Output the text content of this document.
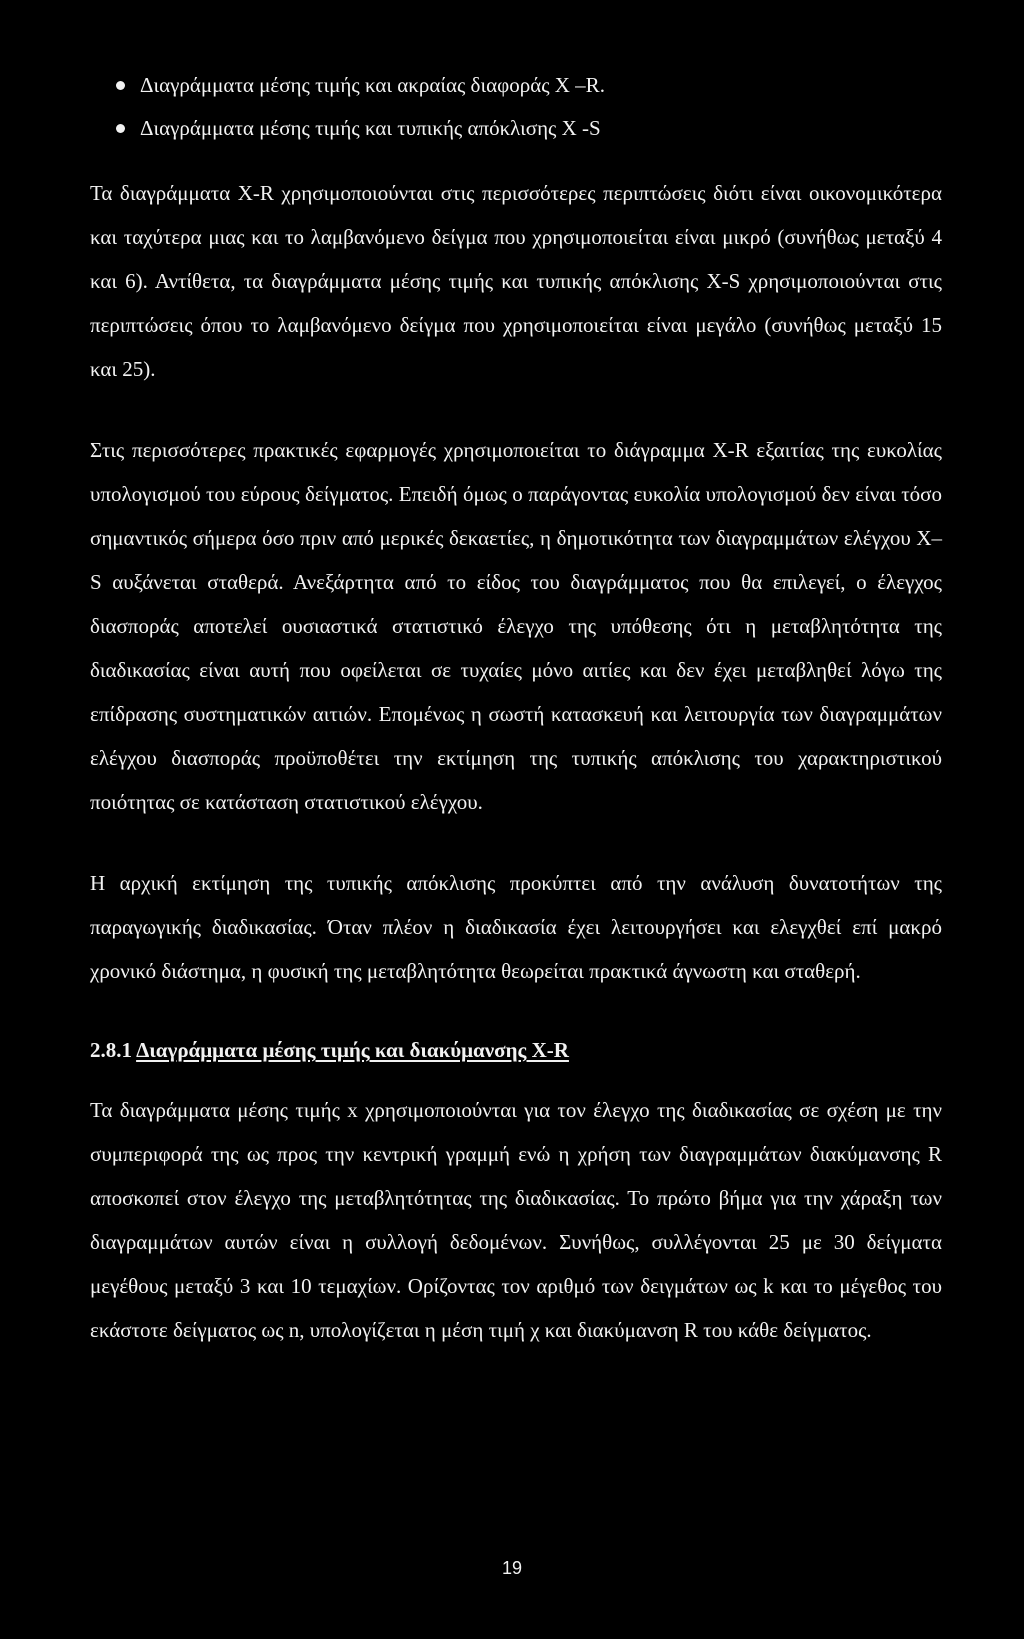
Διαγράμματα μέσης τιμής και ακραίας διαφοράς X –R.
Διαγράμματα μέσης τιμής και τυπικής απόκλισης X -S

Τα διαγράμματα X-R χρησιμοποιούνται στις περισσότερες περιπτώσεις διότι είναι οικονομικότερα και ταχύτερα μιας και το λαμβανόμενο δείγμα που χρησιμοποιείται είναι μικρό (συνήθως μεταξύ 4 και 6). Αντίθετα, τα διαγράμματα μέσης τιμής και τυπικής απόκλισης X-S χρησιμοποιούνται στις περιπτώσεις όπου το λαμβανόμενο δείγμα που χρησιμοποιείται είναι μεγάλο (συνήθως μεταξύ 15 και 25).

Στις περισσότερες πρακτικές εφαρμογές χρησιμοποιείται το διάγραμμα X-R εξαιτίας της ευκολίας υπολογισμού του εύρους δείγματος. Επειδή όμως ο παράγοντας ευκολία υπολογισμού δεν είναι τόσο σημαντικός σήμερα όσο πριν από μερικές δεκαετίες, η δημοτικότητα των διαγραμμάτων ελέγχου X–S αυξάνεται σταθερά. Ανεξάρτητα από το είδος του διαγράμματος που θα επιλεγεί, ο έλεγχος διασποράς αποτελεί ουσιαστικά στατιστικό έλεγχο της υπόθεσης ότι η μεταβλητότητα της διαδικασίας είναι αυτή που οφείλεται σε τυχαίες μόνο αιτίες και δεν έχει μεταβληθεί λόγω της επίδρασης συστηματικών αιτιών. Επομένως η σωστή κατασκευή και λειτουργία των διαγραμμάτων ελέγχου διασποράς προϋποθέτει την εκτίμηση της τυπικής απόκλισης του χαρακτηριστικού ποιότητας σε κατάσταση στατιστικού ελέγχου.

Η αρχική εκτίμηση της τυπικής απόκλισης προκύπτει από την ανάλυση δυνατοτήτων της παραγωγικής διαδικασίας. Όταν πλέον η διαδικασία έχει λειτουργήσει και ελεγχθεί επί μακρό χρονικό διάστημα, η φυσική της μεταβλητότητα θεωρείται πρακτικά άγνωστη και σταθερή.

2.8.1 Διαγράμματα μέσης τιμής και διακύμανσης X-R

Τα διαγράμματα μέσης τιμής x χρησιμοποιούνται για τον έλεγχο της διαδικασίας σε σχέση με την συμπεριφορά της ως προς την κεντρική γραμμή ενώ η χρήση των διαγραμμάτων διακύμανσης R αποσκοπεί στον έλεγχο της μεταβλητότητας της διαδικασίας. Το πρώτο βήμα για την χάραξη των διαγραμμάτων αυτών είναι η συλλογή δεδομένων. Συνήθως, συλλέγονται 25 με 30 δείγματα μεγέθους μεταξύ 3 και 10 τεμαχίων. Ορίζοντας τον αριθμό των δειγμάτων ως k και το μέγεθος του εκάστοτε δείγματος ως n, υπολογίζεται η μέση τιμή χ και διακύμανση R του κάθε δείγματος.

19
